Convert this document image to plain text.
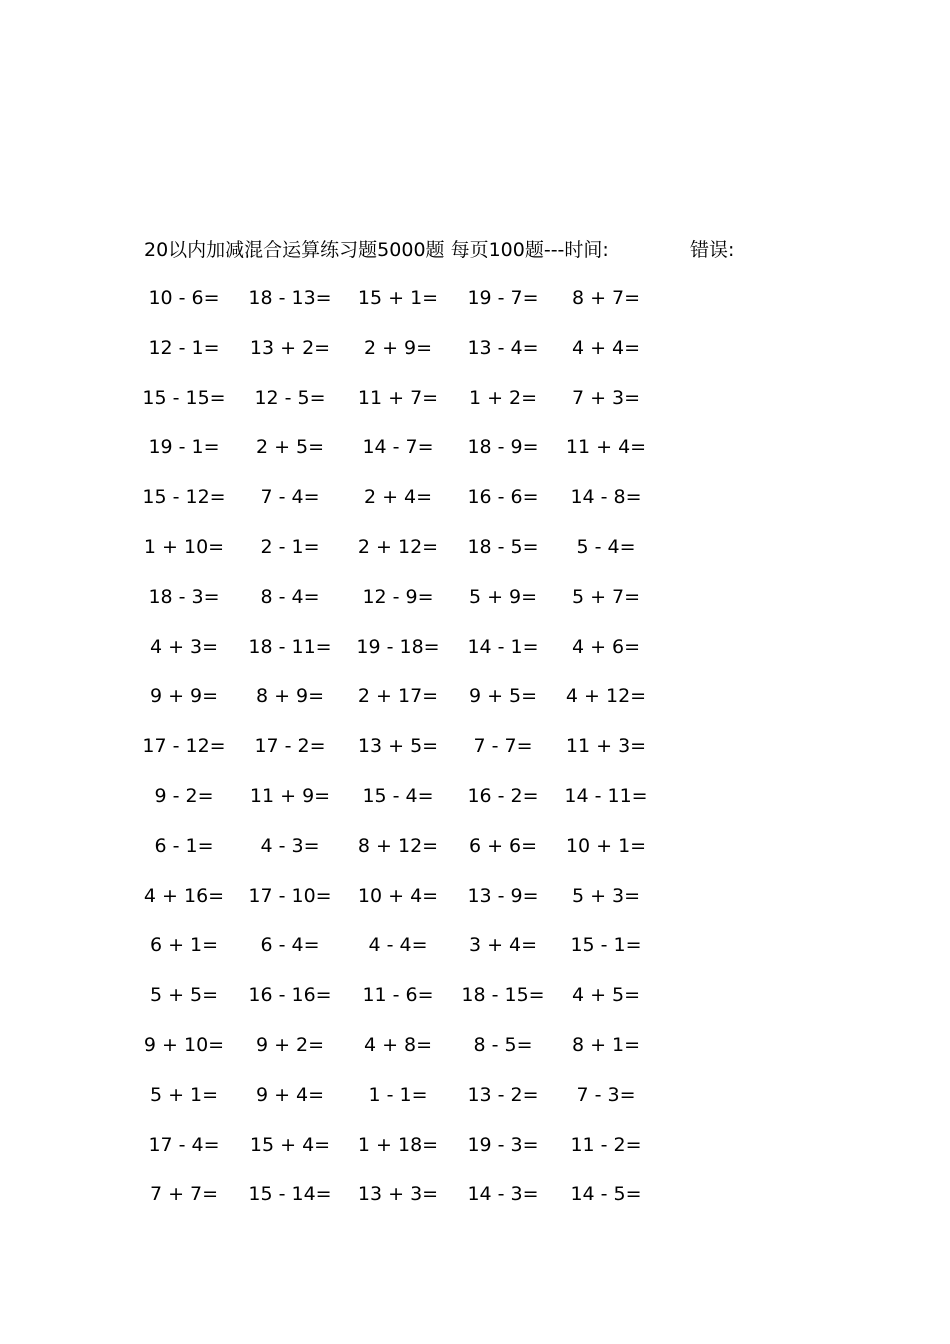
20以内加减混合运算练习题5000题 每页100题---时间:	错误:
10 - 6= 18 - 13= 15 + 1= 19 - 7= 8 + 7=
12 - 1= 13 + 2= 2 + 9= 13 - 4= 4 + 4=
15 - 15= 12 - 5= 11 + 7= 1 + 2= 7 + 3=
19 - 1= 2 + 5= 14 - 7= 18 - 9= 11 + 4=
15 - 12= 7 - 4= 2 + 4= 16 - 6= 14 - 8=
1 + 10= 2 - 1= 2 + 12= 18 - 5= 5 - 4=
18 - 3= 8 - 4= 12 - 9= 5 + 9= 5 + 7=
4 + 3= 18 - 11= 19 - 18= 14 - 1= 4 + 6=
9 + 9= 8 + 9= 2 + 17= 9 + 5= 4 + 12=
17 - 12= 17 - 2= 13 + 5= 7 - 7= 11 + 3=
9 - 2= 11 + 9= 15 - 4= 16 - 2= 14 - 11=
6 - 1= 4 - 3= 8 + 12= 6 + 6= 10 + 1=
4 + 16= 17 - 10= 10 + 4= 13 - 9= 5 + 3=
6 + 1= 6 - 4=	4 - 4= 3 + 4= 15 - 1=
5 + 5= 16 - 16= 11 - 6= 18 - 15= 4 + 5=
9 + 10= 9 + 2= 4 + 8= 8 - 5= 8 + 1=
5 + 1= 9 + 4= 1 - 1= 13 - 2= 7 - 3=
17 - 4= 15 + 4= 1 + 18= 19 - 3= 11 - 2=
7 + 7= 15 - 14= 13 + 3= 14 - 3= 14 - 5=
